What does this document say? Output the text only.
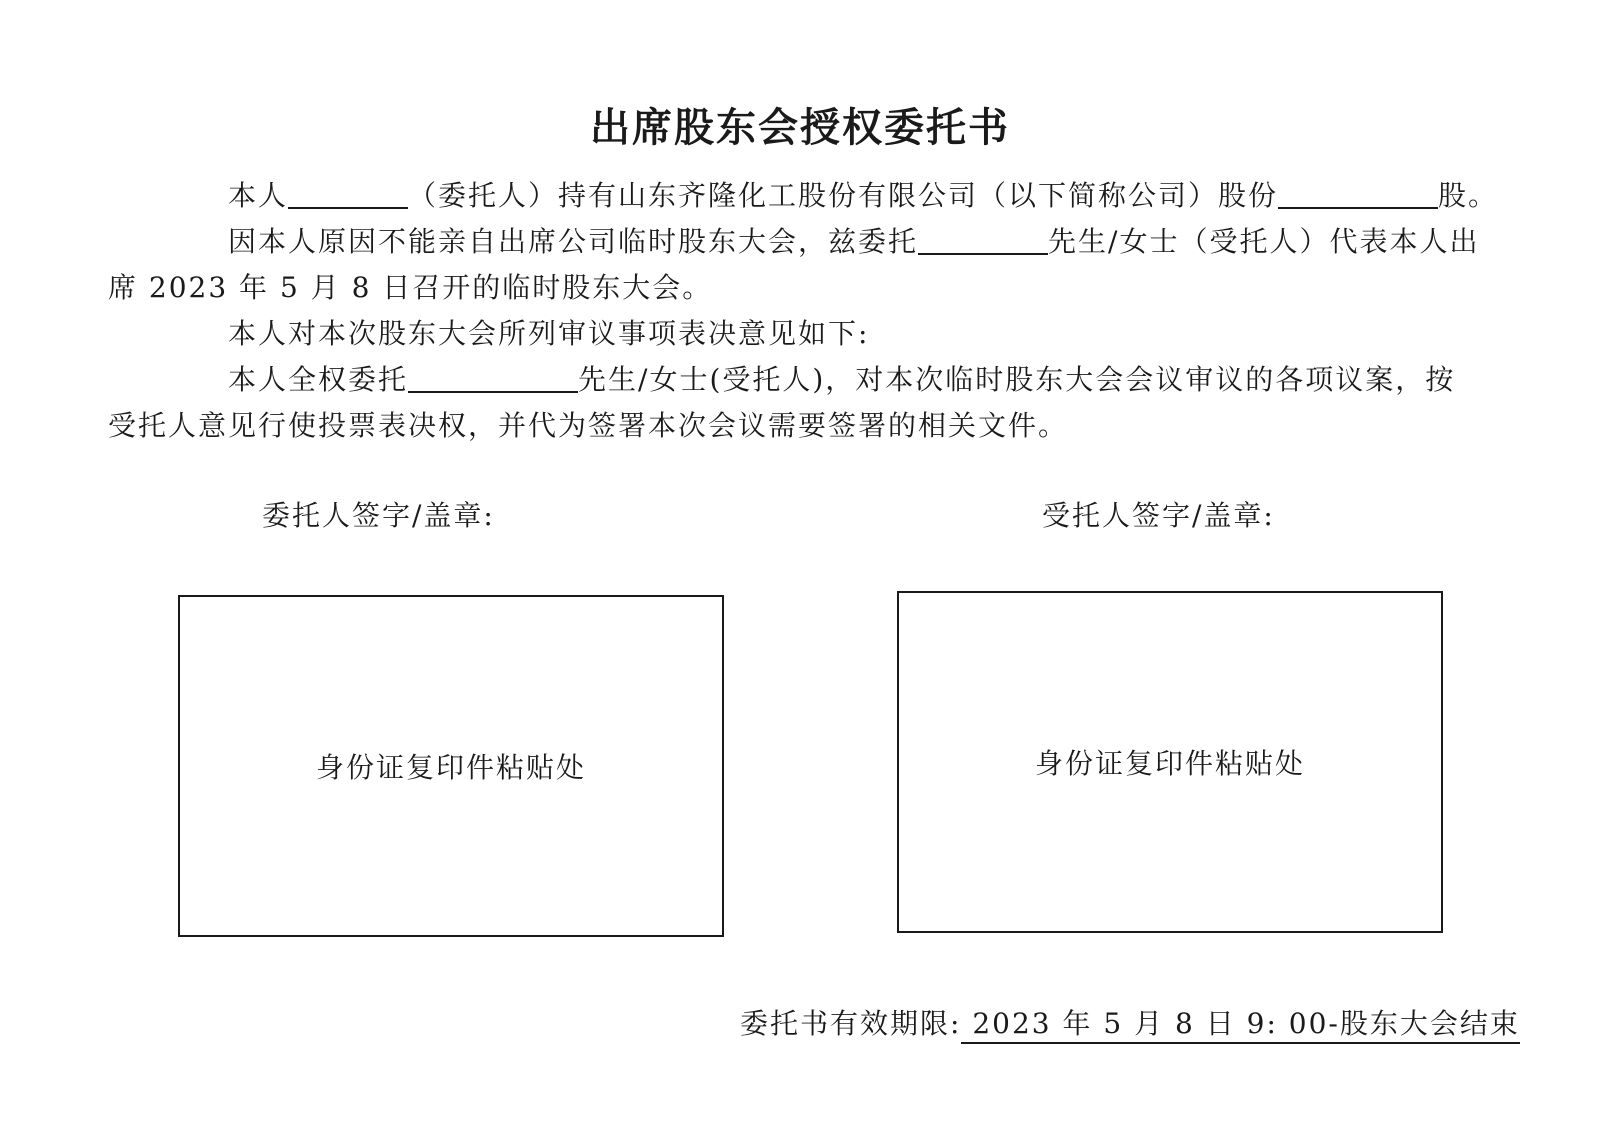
出席股东会授权委托书
本人	（委托人）持有山东齐隆化工股份有限公司（以下简称公司）股份	股。
因本人原因不能亲自出席公司临时股东大会，兹委托	先生/女士（受托人）代表本人出
席 2023 年 5 月 8 日召开的临时股东大会。
本人对本次股东大会所列审议事项表决意见如下:
本人全权委托	先生/女士(受托人)，对本次临时股东大会会议审议的各项议案，按
受托人意见行使投票表决权，并代为签署本次会议需要签署的相关文件。
委托人签字/盖章:	受托人签字/盖章:
身份证复印件粘贴处	身份证复印件粘贴处
委托书有效期限: 2023 年 5 月 8 日 9: 00-股东大会结束
